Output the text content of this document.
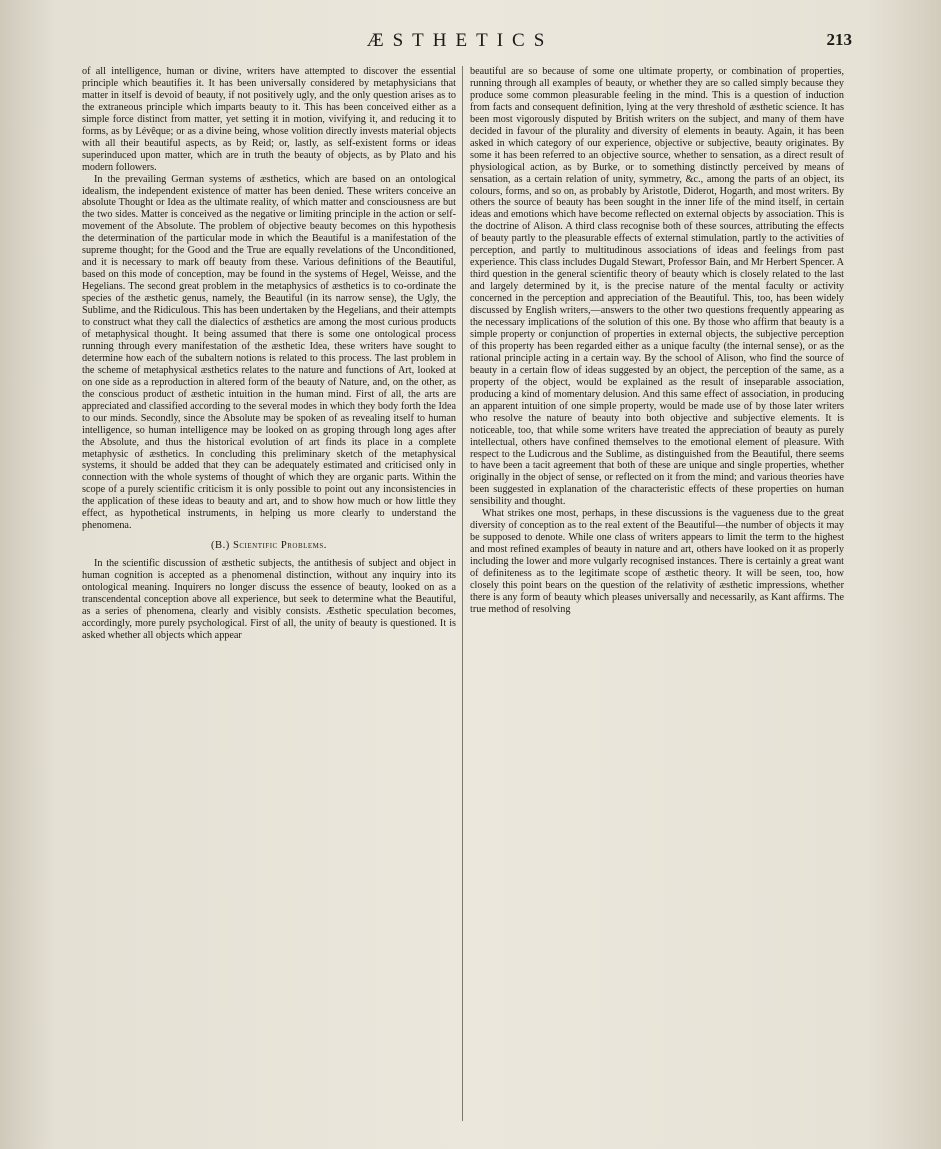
ÆSTHETICS	213

of all intelligence, human or divine, writers have attempted to discover the essential principle which beautifies it. It has been universally considered by metaphysicians that matter in itself is devoid of beauty, if not positively ugly, and the only question arises as to the extraneous principle which imparts beauty to it. This has been conceived either as a simple force distinct from matter, yet setting it in motion, vivifying it, and reducing it to forms, as by Lévêque; or as a divine being, whose volition directly invests material objects with all their beautiful aspects, as by Reid; or, lastly, as self-existent forms or ideas superinduced upon matter, which are in truth the beauty of objects, as by Plato and his modern followers.

In the prevailing German systems of æsthetics, which are based on an ontological idealism, the independent existence of matter has been denied. These writers conceive an absolute Thought or Idea as the ultimate reality, of which matter and consciousness are but the two sides. Matter is conceived as the negative or limiting principle in the action or self-movement of the Absolute. The problem of objective beauty becomes on this hypothesis the determination of the particular mode in which the Beautiful is a manifestation of the supreme thought; for the Good and the True are equally revelations of the Unconditioned, and it is necessary to mark off beauty from these. Various definitions of the Beautiful, based on this mode of conception, may be found in the systems of Hegel, Weisse, and the Hegelians. The second great problem in the metaphysics of æsthetics is to co-ordinate the species of the æsthetic genus, namely, the Beautiful (in its narrow sense), the Ugly, the Sublime, and the Ridiculous. This has been undertaken by the Hegelians, and their attempts to construct what they call the dialectics of æsthetics are among the most curious products of metaphysical thought. It being assumed that there is some one ontological process running through every manifestation of the æsthetic Idea, these writers have sought to determine how each of the subaltern notions is related to this process. The last problem in the scheme of metaphysical æsthetics relates to the nature and functions of Art, looked at on one side as a reproduction in altered form of the beauty of Nature, and, on the other, as the conscious product of æsthetic intuition in the human mind. First of all, the arts are appreciated and classified according to the several modes in which they body forth the Idea to our minds. Secondly, since the Absolute may be spoken of as revealing itself to human intelligence, so human intelligence may be looked on as groping through long ages after the Absolute, and thus the historical evolution of art finds its place in a complete metaphysic of æsthetics. In concluding this preliminary sketch of the metaphysical systems, it should be added that they can be adequately estimated and criticised only in connection with the whole systems of thought of which they are organic parts. Within the scope of a purely scientific criticism it is only possible to point out any inconsistencies in the application of these ideas to beauty and art, and to show how much or how little they effect, as hypothetical instruments, in helping us more clearly to understand the phenomena.

(B.) Scientific Problems.

In the scientific discussion of æsthetic subjects, the antithesis of subject and object in human cognition is accepted as a phenomenal distinction, without any inquiry into its ontological meaning. Inquirers no longer discuss the essence of beauty, looked on as a transcendental conception above all experience, but seek to determine what the Beautiful, as a series of phenomena, clearly and visibly consists. Æsthetic speculation becomes, accordingly, more purely psychological. First of all, the unity of beauty is questioned. It is asked whether all objects which appear

beautiful are so because of some one ultimate property, or combination of properties, running through all examples of beauty, or whether they are so called simply because they produce some common pleasurable feeling in the mind. This is a question of induction from facts and consequent definition, lying at the very threshold of æsthetic science. It has been most vigorously disputed by British writers on the subject, and many of them have decided in favour of the plurality and diversity of elements in beauty. Again, it has been asked in which category of our experience, objective or subjective, beauty originates. By some it has been referred to an objective source, whether to sensation, as a direct result of physiological action, as by Burke, or to something distinctly perceived by means of sensation, as a certain relation of unity, symmetry, &c., among the parts of an object, its colours, forms, and so on, as probably by Aristotle, Diderot, Hogarth, and most writers. By others the source of beauty has been sought in the inner life of the mind itself, in certain ideas and emotions which have become reflected on external objects by association. This is the doctrine of Alison. A third class recognise both of these sources, attributing the effects of beauty partly to the pleasurable effects of external stimulation, partly to the activities of perception, and partly to multitudinous associations of ideas and feelings from past experience. This class includes Dugald Stewart, Professor Bain, and Mr Herbert Spencer. A third question in the general scientific theory of beauty which is closely related to the last and largely determined by it, is the precise nature of the mental faculty or activity concerned in the perception and appreciation of the Beautiful. This, too, has been widely discussed by English writers,—answers to the other two questions frequently appearing as the necessary implications of the solution of this one. By those who affirm that beauty is a simple property or conjunction of properties in external objects, the subjective perception of this property has been regarded either as a unique faculty (the internal sense), or as the rational principle acting in a certain way. By the school of Alison, who find the source of beauty in a certain flow of ideas suggested by an object, the perception of the same, as a property of the object, would be explained as the result of inseparable association, producing a kind of momentary delusion. And this same effect of association, in producing an apparent intuition of one simple property, would be made use of by those later writers who resolve the nature of beauty into both objective and subjective elements. It is noticeable, too, that while some writers have treated the appreciation of beauty as purely intellectual, others have confined themselves to the emotional element of pleasure. With respect to the Ludicrous and the Sublime, as distinguished from the Beautiful, there seems to have been a tacit agreement that both of these are unique and single properties, whether originally in the object of sense, or reflected on it from the mind; and various theories have been suggested in explanation of the characteristic effects of these properties on human sensibility and thought.

What strikes one most, perhaps, in these discussions is the vagueness due to the great diversity of conception as to the real extent of the Beautiful—the number of objects it may be supposed to denote. While one class of writers appears to limit the term to the highest and most refined examples of beauty in nature and art, others have looked on it as properly including the lower and more vulgarly recognised instances. There is certainly a great want of definiteness as to the legitimate scope of æsthetic theory. It will be seen, too, how closely this point bears on the question of the relativity of æsthetic impressions, whether there is any form of beauty which pleases universally and necessarily, as Kant affirms. The true method of resolving
